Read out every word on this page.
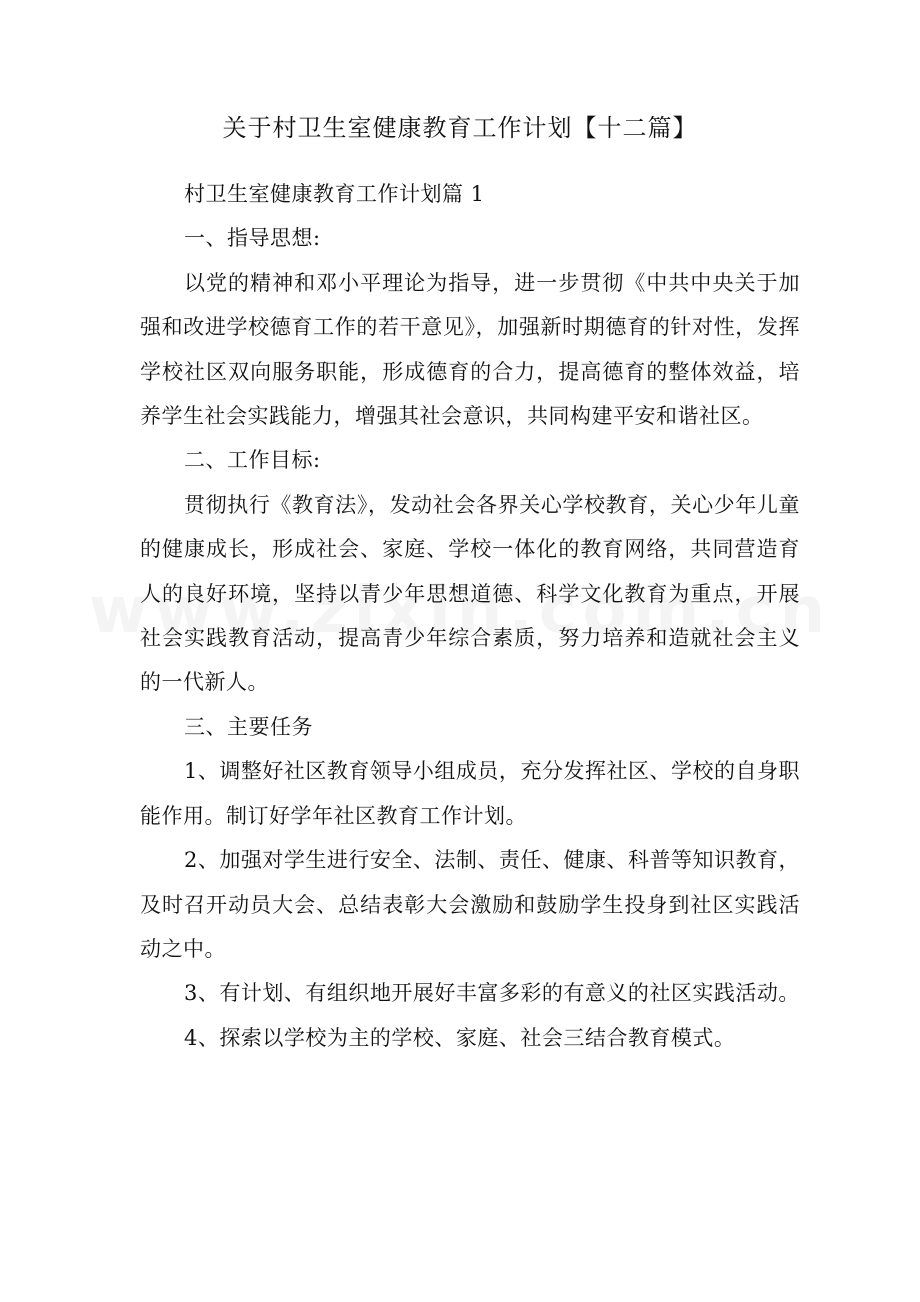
关于村卫生室健康教育工作计划【十二篇】

村卫生室健康教育工作计划篇 1

一、指导思想:

以党的精神和邓小平理论为指导，进一步贯彻《中共中央关于加强和改进学校德育工作的若干意见》，加强新时期德育的针对性，发挥学校社区双向服务职能，形成德育的合力，提高德育的整体效益，培养学生社会实践能力，增强其社会意识，共同构建平安和谐社区。

二、工作目标:

贯彻执行《教育法》，发动社会各界关心学校教育，关心少年儿童的健康成长，形成社会、家庭、学校一体化的教育网络，共同营造育人的良好环境，坚持以青少年思想道德、科学文化教育为重点，开展社会实践教育活动，提高青少年综合素质，努力培养和造就社会主义的一代新人。

三、主要任务

1、调整好社区教育领导小组成员，充分发挥社区、学校的自身职能作用。制订好学年社区教育工作计划。

2、加强对学生进行安全、法制、责任、健康、科普等知识教育，及时召开动员大会、总结表彰大会激励和鼓励学生投身到社区实践活动之中。

3、有计划、有组织地开展好丰富多彩的有意义的社区实践活动。

4、探索以学校为主的学校、家庭、社会三结合教育模式。
